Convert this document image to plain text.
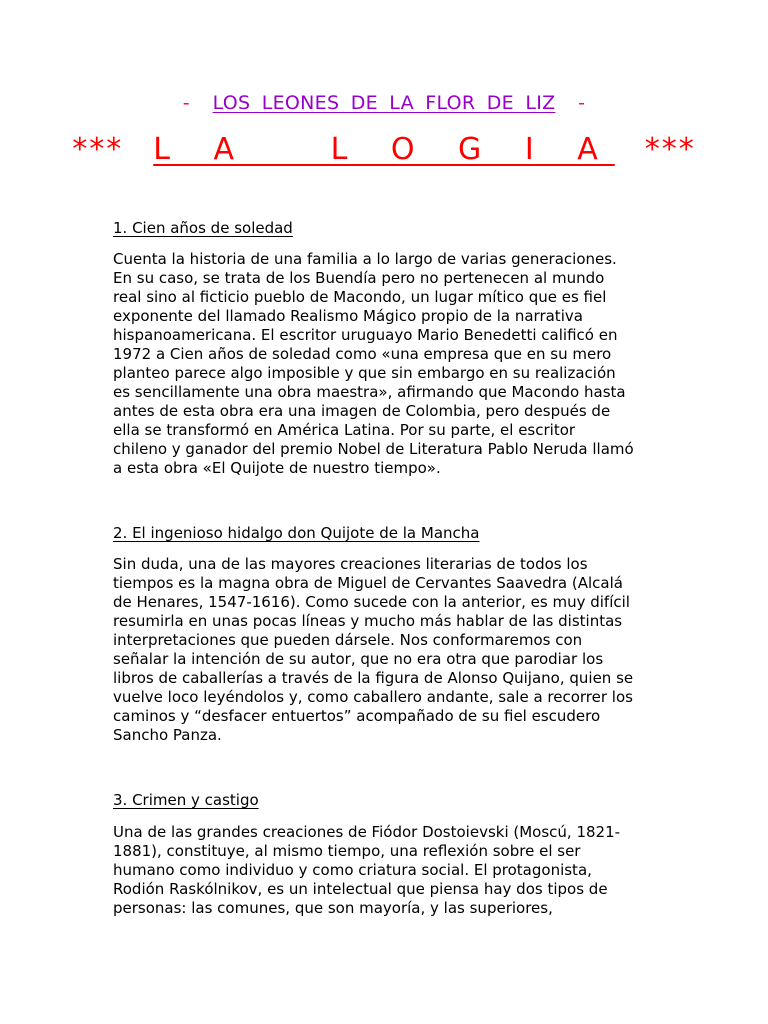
- LOS LEONES DE LA FLOR DE LIZ -
*** L A   L O G I A ***
1. Cien años de soledad
Cuenta la historia de una familia a lo largo de varias generaciones.
En su caso, se trata de los Buendía pero no pertenecen al mundo
real sino al ficticio pueblo de Macondo, un lugar mítico que es fiel
exponente del llamado Realismo Mágico propio de la narrativa
hispanoamericana. El escritor uruguayo Mario Benedetti calificó en
1972 a Cien años de soledad como «una empresa que en su mero
planteo parece algo imposible y que sin embargo en su realización
es sencillamente una obra maestra», afirmando que Macondo hasta
antes de esta obra era una imagen de Colombia, pero después de
ella se transformó en América Latina. Por su parte, el escritor
chileno y ganador del premio Nobel de Literatura Pablo Neruda llamó
a esta obra «El Quijote de nuestro tiempo».
2. El ingenioso hidalgo don Quijote de la Mancha
Sin duda, una de las mayores creaciones literarias de todos los
tiempos es la magna obra de Miguel de Cervantes Saavedra (Alcalá
de Henares, 1547-1616). Como sucede con la anterior, es muy difícil
resumirla en unas pocas líneas y mucho más hablar de las distintas
interpretaciones que pueden dársele. Nos conformaremos con
señalar la intención de su autor, que no era otra que parodiar los
libros de caballerías a través de la figura de Alonso Quijano, quien se
vuelve loco leyéndolos y, como caballero andante, sale a recorrer los
caminos y “desfacer entuertos” acompañado de su fiel escudero
Sancho Panza.
3. Crimen y castigo
Una de las grandes creaciones de Fiódor Dostoievski (Moscú, 1821-
1881), constituye, al mismo tiempo, una reflexión sobre el ser
humano como individuo y como criatura social. El protagonista,
Rodión Raskólnikov, es un intelectual que piensa hay dos tipos de
personas: las comunes, que son mayoría, y las superiores,
